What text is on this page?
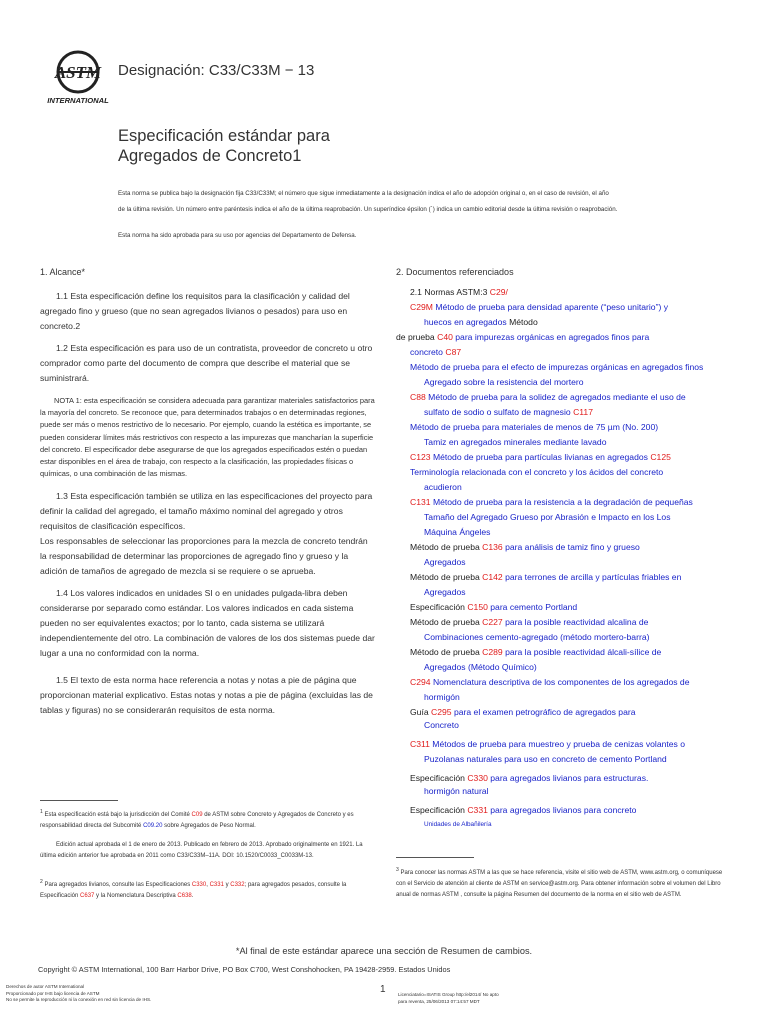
ASTM
INTERNATIONAL
Designación: C33/C33M − 13
Especificación estándar para
Agregados de Concreto1
Esta norma se publica bajo la designación fija C33/C33M; el número que sigue inmediatamente a la designación indica el año de adopción original o, en el caso de revisión, el año
de la última revisión. Un número entre paréntesis indica el año de la última reaprobación. Un superíndice épsilon (´) indica un cambio editorial desde la última revisión o reaprobación.
Esta norma ha sido aprobada para su uso por agencias del Departamento de Defensa.
1. Alcance*

1.1 Esta especificación define los requisitos para la clasificación y calidad del agregado fino y grueso (que no sean agregados livianos o pesados) para uso en concreto.2

1.2 Esta especificación es para uso de un contratista, proveedor de concreto u otro comprador como parte del documento de compra que describe el material que se suministrará.

NOTA 1: esta especificación se considera adecuada para garantizar materiales satisfactorios para la mayoría del concreto. Se reconoce que, para determinados trabajos o en determinadas regiones, puede ser más o menos restrictivo de lo necesario. Por ejemplo, cuando la estética es importante, se pueden considerar límites más restrictivos con respecto a las impurezas que mancharían la superficie del concreto. El especificador debe asegurarse de que los agregados especificados estén o puedan estar disponibles en el área de trabajo, con respecto a la clasificación, las propiedades físicas o químicas, o una combinación de las mismas.

1.3 Esta especificación también se utiliza en las especificaciones del proyecto para definir la calidad del agregado, el tamaño máximo nominal del agregado y otros requisitos de clasificación específicos.

Los responsables de seleccionar las proporciones para la mezcla de concreto tendrán la responsabilidad de determinar las proporciones de agregado fino y grueso y la adición de tamaños de agregado de mezcla si se requiere o se aprueba.

1.4 Los valores indicados en unidades SI o en unidades pulgada-libra deben considerarse por separado como estándar. Los valores indicados en cada sistema pueden no ser equivalentes exactos; por lo tanto, cada sistema se utilizará independientemente del otro. La combinación de valores de los dos sistemas puede dar lugar a una no conformidad con la norma.

1.5 El texto de esta norma hace referencia a notas y notas a pie de página que proporcionan material explicativo. Estas notas y notas a pie de página (excluidas las de tablas y figuras) no se considerarán requisitos de esta norma.

$^1$ Esta especificación está bajo la jurisdicción del Comité C09 de ASTM sobre Concreto y Agregados de Concreto y es responsabilidad directa del Subcomité C09.20 sobre Agregados de Peso Normal.
Edición actual aprobada el 1 de enero de 2013. Publicado en febrero de 2013. Aprobado originalmente en 1921. La última edición anterior fue aprobada en 2011 como C33/C33M–11A. DOI: 10.1520/C0033_C0033M-13.
$^2$ Para agregados livianos, consulte las Especificaciones C330, C331 y C332; para agregados pesados, consulte la Especificación C637 y la Nomenclatura Descriptiva C638.
2. Documentos referenciados
2.1 Normas ASTM:3 C29/
C29M Método de prueba para densidad aparente (“peso unitario”) y
huecos en agregados Método
de prueba C40 para impurezas orgánicas en agregados finos para
concreto C87
Método de prueba para el efecto de impurezas orgánicas en agregados finos
Agregado sobre la resistencia del mortero
C88 Método de prueba para la solidez de agregados mediante el uso de
sulfato de sodio o sulfato de magnesio C117
Método de prueba para materiales de menos de 75 µm (No. 200)
Tamiz en agregados minerales mediante lavado
C123 Método de prueba para partículas livianas en agregados C125
Terminología relacionada con el concreto y los ácidos del concreto
acudieron
C131 Método de prueba para la resistencia a la degradación de pequeñas
Tamaño del Agregado Grueso por Abrasión e Impacto en los Los
Máquina Ángeles
Método de prueba C136 para análisis de tamiz fino y grueso
Agregados
Método de prueba C142 para terrones de arcilla y partículas friables en
Agregados
Especificación C150 para cemento Portland
Método de prueba C227 para la posible reactividad alcalina de
Combinaciones cemento-agregado (método mortero-barra)
Método de prueba C289 para la posible reactividad álcali-sílice de
Agregados (Método Químico)
C294 Nomenclatura descriptiva de los componentes de los agregados de
hormigón
Guía C295 para el examen petrográfico de agregados para
Concreto
C311 Métodos de prueba para muestreo y prueba de cenizas volantes o
Puzolanas naturales para uso en concreto de cemento Portland
Especificación C330 para agregados livianos para estructuras.
hormigón natural
Especificación C331 para agregados livianos para concreto
Unidades de Albañilería
$^3$ Para conocer las normas ASTM a las que se hace referencia, visite el sitio web de ASTM, www.astm.org, o comuníquese con el Servicio de atención al cliente de ASTM en service@astm.org. Para obtener información sobre el volumen del Libro anual de normas ASTM , consulte la página Resumen del documento de la norma en el sitio web de ASTM.
*Al final de este estándar aparece una sección de Resumen de cambios.
Copyright © ASTM International, 100 Barr Harbor Drive, PO Box C700, West Conshohocken, PA 19428-2959. Estados Unidos
Derechos de autor ASTM International
Proporcionado por IHS bajo licencia de ASTM
No se permite la reproducción ni la conexión en red sin licencia de IHS.
1	Licenciatario=ISATIS Group http:/el2014/ No apto
para reventa, 25/06/2013 07:14:57 MDT
